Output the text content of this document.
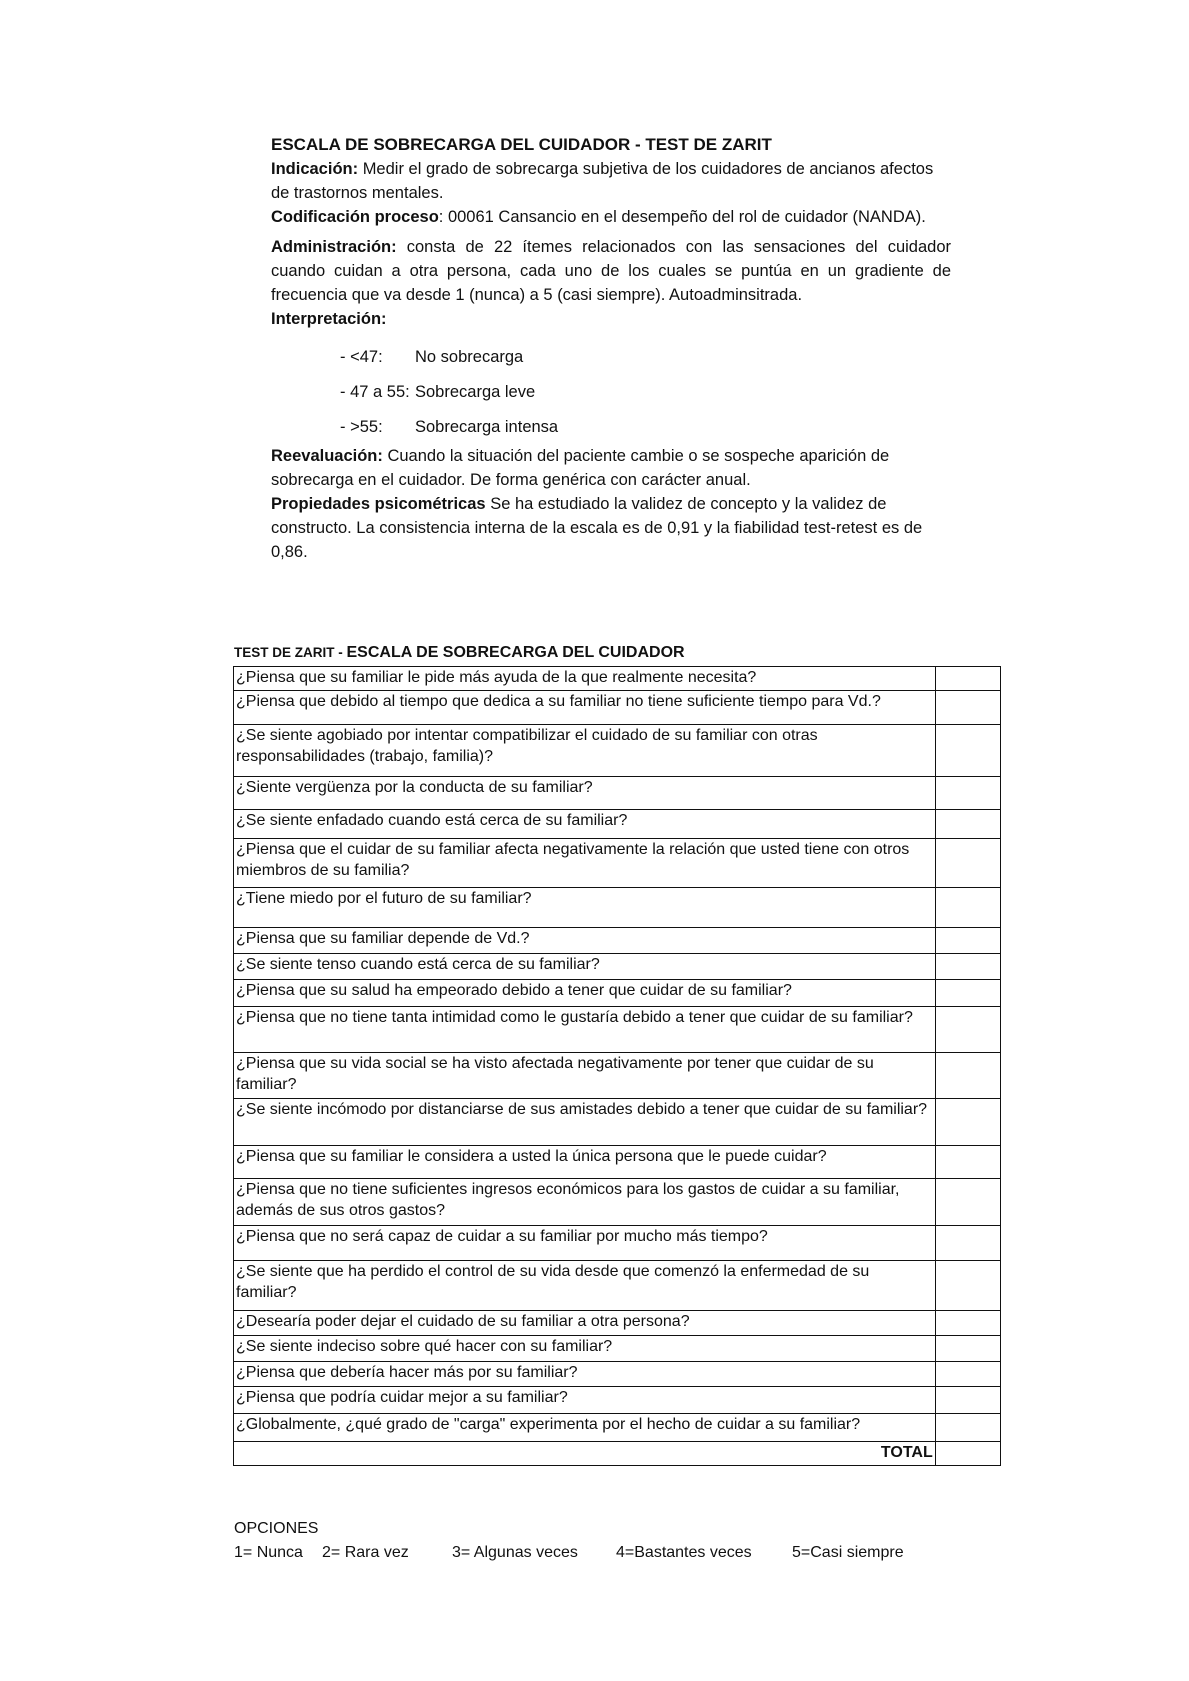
ESCALA DE SOBRECARGA DEL CUIDADOR - TEST DE ZARIT

Indicación: Medir el grado de sobrecarga subjetiva de los cuidadores de ancianos afectos de trastornos mentales.

Codificación proceso: 00061 Cansancio en el desempeño del rol de cuidador (NANDA).

Administración: consta de 22 ítemes relacionados con las sensaciones del cuidador cuando cuidan a otra persona, cada uno de los cuales se puntúa en un gradiente de frecuencia que va desde 1 (nunca) a 5 (casi siempre). Autoadminsitrada.

Interpretación:

- <47:	No sobrecarga
- 47 a 55: Sobrecarga leve
- >55:	Sobrecarga intensa

Reevaluación: Cuando la situación del paciente cambie o se sospeche aparición de sobrecarga en el cuidador. De forma genérica con carácter anual.

Propiedades psicométricas Se ha estudiado la validez de concepto y la validez de constructo. La consistencia interna de la escala es de 0,91 y la fiabilidad test-retest es de 0,86.

TEST DE ZARIT - ESCALA DE SOBRECARGA DEL CUIDADOR
¿Piensa que su familiar le pide más ayuda de la que realmente necesita?	
¿Piensa que debido al tiempo que dedica a su familiar no tiene suficiente tiempo para Vd.?	
¿Se siente agobiado por intentar compatibilizar el cuidado de su familiar con otras responsabilidades (trabajo, familia)?	
¿Siente vergüenza por la conducta de su familiar?	
¿Se siente enfadado cuando está cerca de su familiar?	
¿Piensa que el cuidar de su familiar afecta negativamente la relación que usted tiene con otros miembros de su familia?	
¿Tiene miedo por el futuro de su familiar?	
¿Piensa que su familiar depende de Vd.?	
¿Se siente tenso cuando está cerca de su familiar?	
¿Piensa que su salud ha empeorado debido a tener que cuidar de su familiar?	
¿Piensa que no tiene tanta intimidad como le gustaría debido a tener que cuidar de su familiar?	
¿Piensa que su vida social se ha visto afectada negativamente por tener que cuidar de su familiar?	
¿Se siente incómodo por distanciarse de sus amistades debido a tener que cuidar de su familiar?	
¿Piensa que su familiar le considera a usted la única persona que le puede cuidar?	
¿Piensa que no tiene suficientes ingresos económicos para los gastos de cuidar a su familiar, además de sus otros gastos?	
¿Piensa que no será capaz de cuidar a su familiar por mucho más tiempo?	
¿Se siente que ha perdido el control de su vida desde que comenzó la enfermedad de su familiar?	
¿Desearía poder dejar el cuidado de su familiar a otra persona?	
¿Se siente indeciso sobre qué hacer con su familiar?	
¿Piensa que debería hacer más por su familiar?	
¿Piensa que podría cuidar mejor a su familiar?	
¿Globalmente, ¿qué grado de "carga" experimenta por el hecho de cuidar a su familiar?	
TOTAL	
OPCIONES
1= Nunca	2= Rara vez	3= Algunas veces	4=Bastantes veces	5=Casi siempre
